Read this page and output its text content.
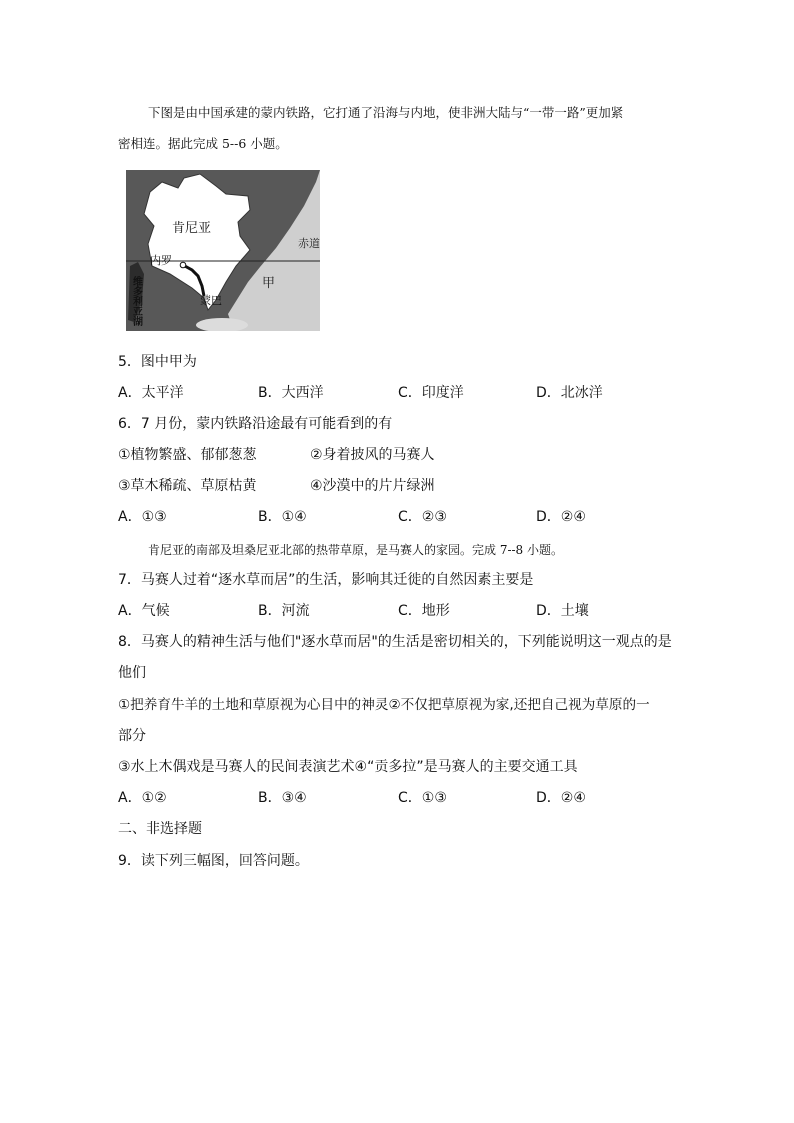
下图是由中国承建的蒙内铁路，它打通了沿海与内地，使非洲大陆与“一带一路”更加紧
密相连。据此完成 5--6 小题。
肯尼亚
赤道
内罗
蒙巴
甲
维多利亚湖
5．图中甲为
A．太平洋	B．大西洋	C．印度洋	D．北冰洋
6．7 月份，蒙内铁路沿途最有可能看到的有
①植物繁盛、郁郁葱葱	②身着披风的马赛人
③草木稀疏、草原枯黄	④沙漠中的片片绿洲
A．①③	B．①④	C．②③	D．②④
肯尼亚的南部及坦桑尼亚北部的热带草原，是马赛人的家园。完成 7--8 小题。
7．马赛人过着“逐水草而居”的生活，影响其迁徙的自然因素主要是
A．气候	B．河流	C．地形	D．土壤
8．马赛人的精神生活与他们"逐水草而居"的生活是密切相关的，下列能说明这一观点的是
他们
①把养育牛羊的土地和草原视为心目中的神灵②不仅把草原视为家,还把自己视为草原的一
部分
③水上木偶戏是马赛人的民间表演艺术④“贡多拉”是马赛人的主要交通工具
A．①②	B．③④	C．①③	D．②④
二、非选择题
9．读下列三幅图，回答问题。
